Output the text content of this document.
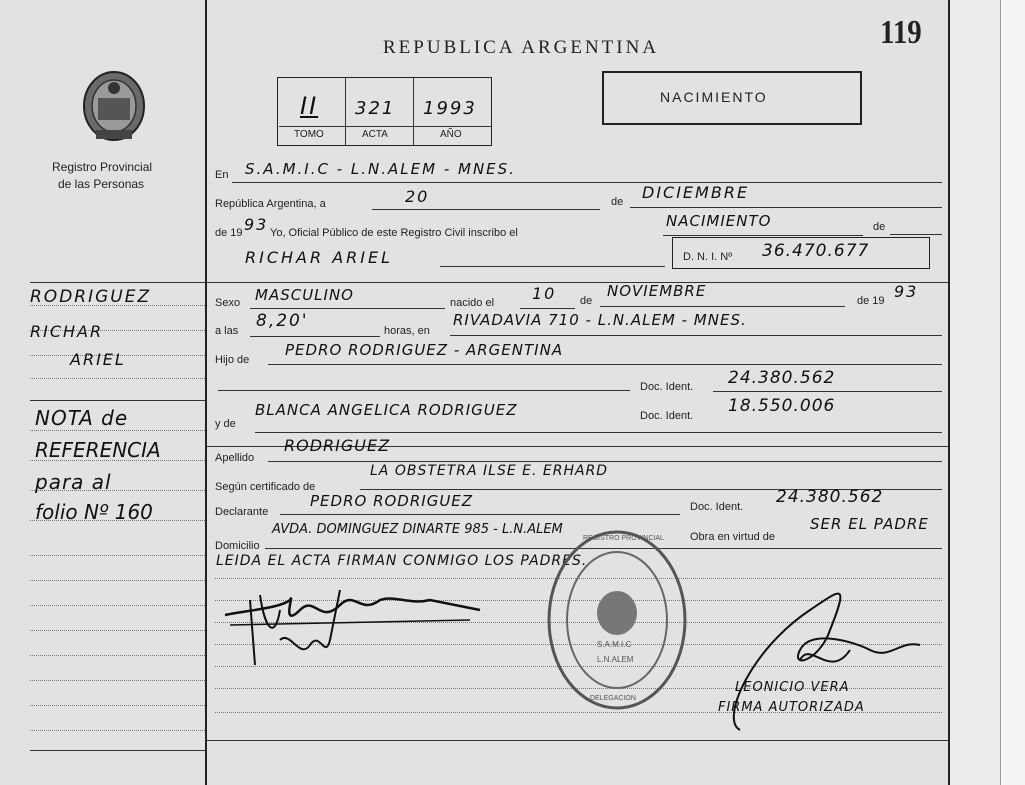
REPUBLICA ARGENTINA	119
NACIMIENTO
II 321 1993
TOMO	ACTA	AÑO
Registro Provincial
de las Personas
RODRIGUEZ
RICHAR
ARIEL
NOTA de
REFERENCIA
para al
folio Nº 160
En S.A.M.I.C - L.N.ALEM - MNES.
República Argentina, a	20	de DICIEMBRE
de 19 93 Yo, Oficial Público de este Registro Civil inscribo el
NACIMIENTO	de
RICHAR ARIEL	D. N. I. Nº 36.470.677
Sexo MASCULINO	nacido el 10 de
NOVIEMBRE
de 19 93
a las 8,20'	horas, en
RIVADAVIA 710 - L.N.ALEM - MNES.
Hijo de
PEDRO RODRIGUEZ - ARGENTINA
Doc. Ident. 24.380.562
y de
BLANCA ANGELICA RODRIGUEZ	Doc. Ident. 18.550.006
Apellido
RODRIGUEZ
Según certificado de
LA OBSTETRA ILSE E. ERHARD
Declarante
PEDRO RODRIGUEZ	Doc. Ident. 24.380.562
Domicilio
AVDA. DOMINGUEZ DINARTE 985 - L.N.ALEM	Obra en virtud de
SER EL PADRE
LEIDA EL ACTA FIRMAN CONMIGO LOS PADRES.
LEONICIO VERA
FIRMA AUTORIZADA
REGISTRO PROVINCIAL
S.A.M.I.C
L.N.ALEM
DELEGACION
